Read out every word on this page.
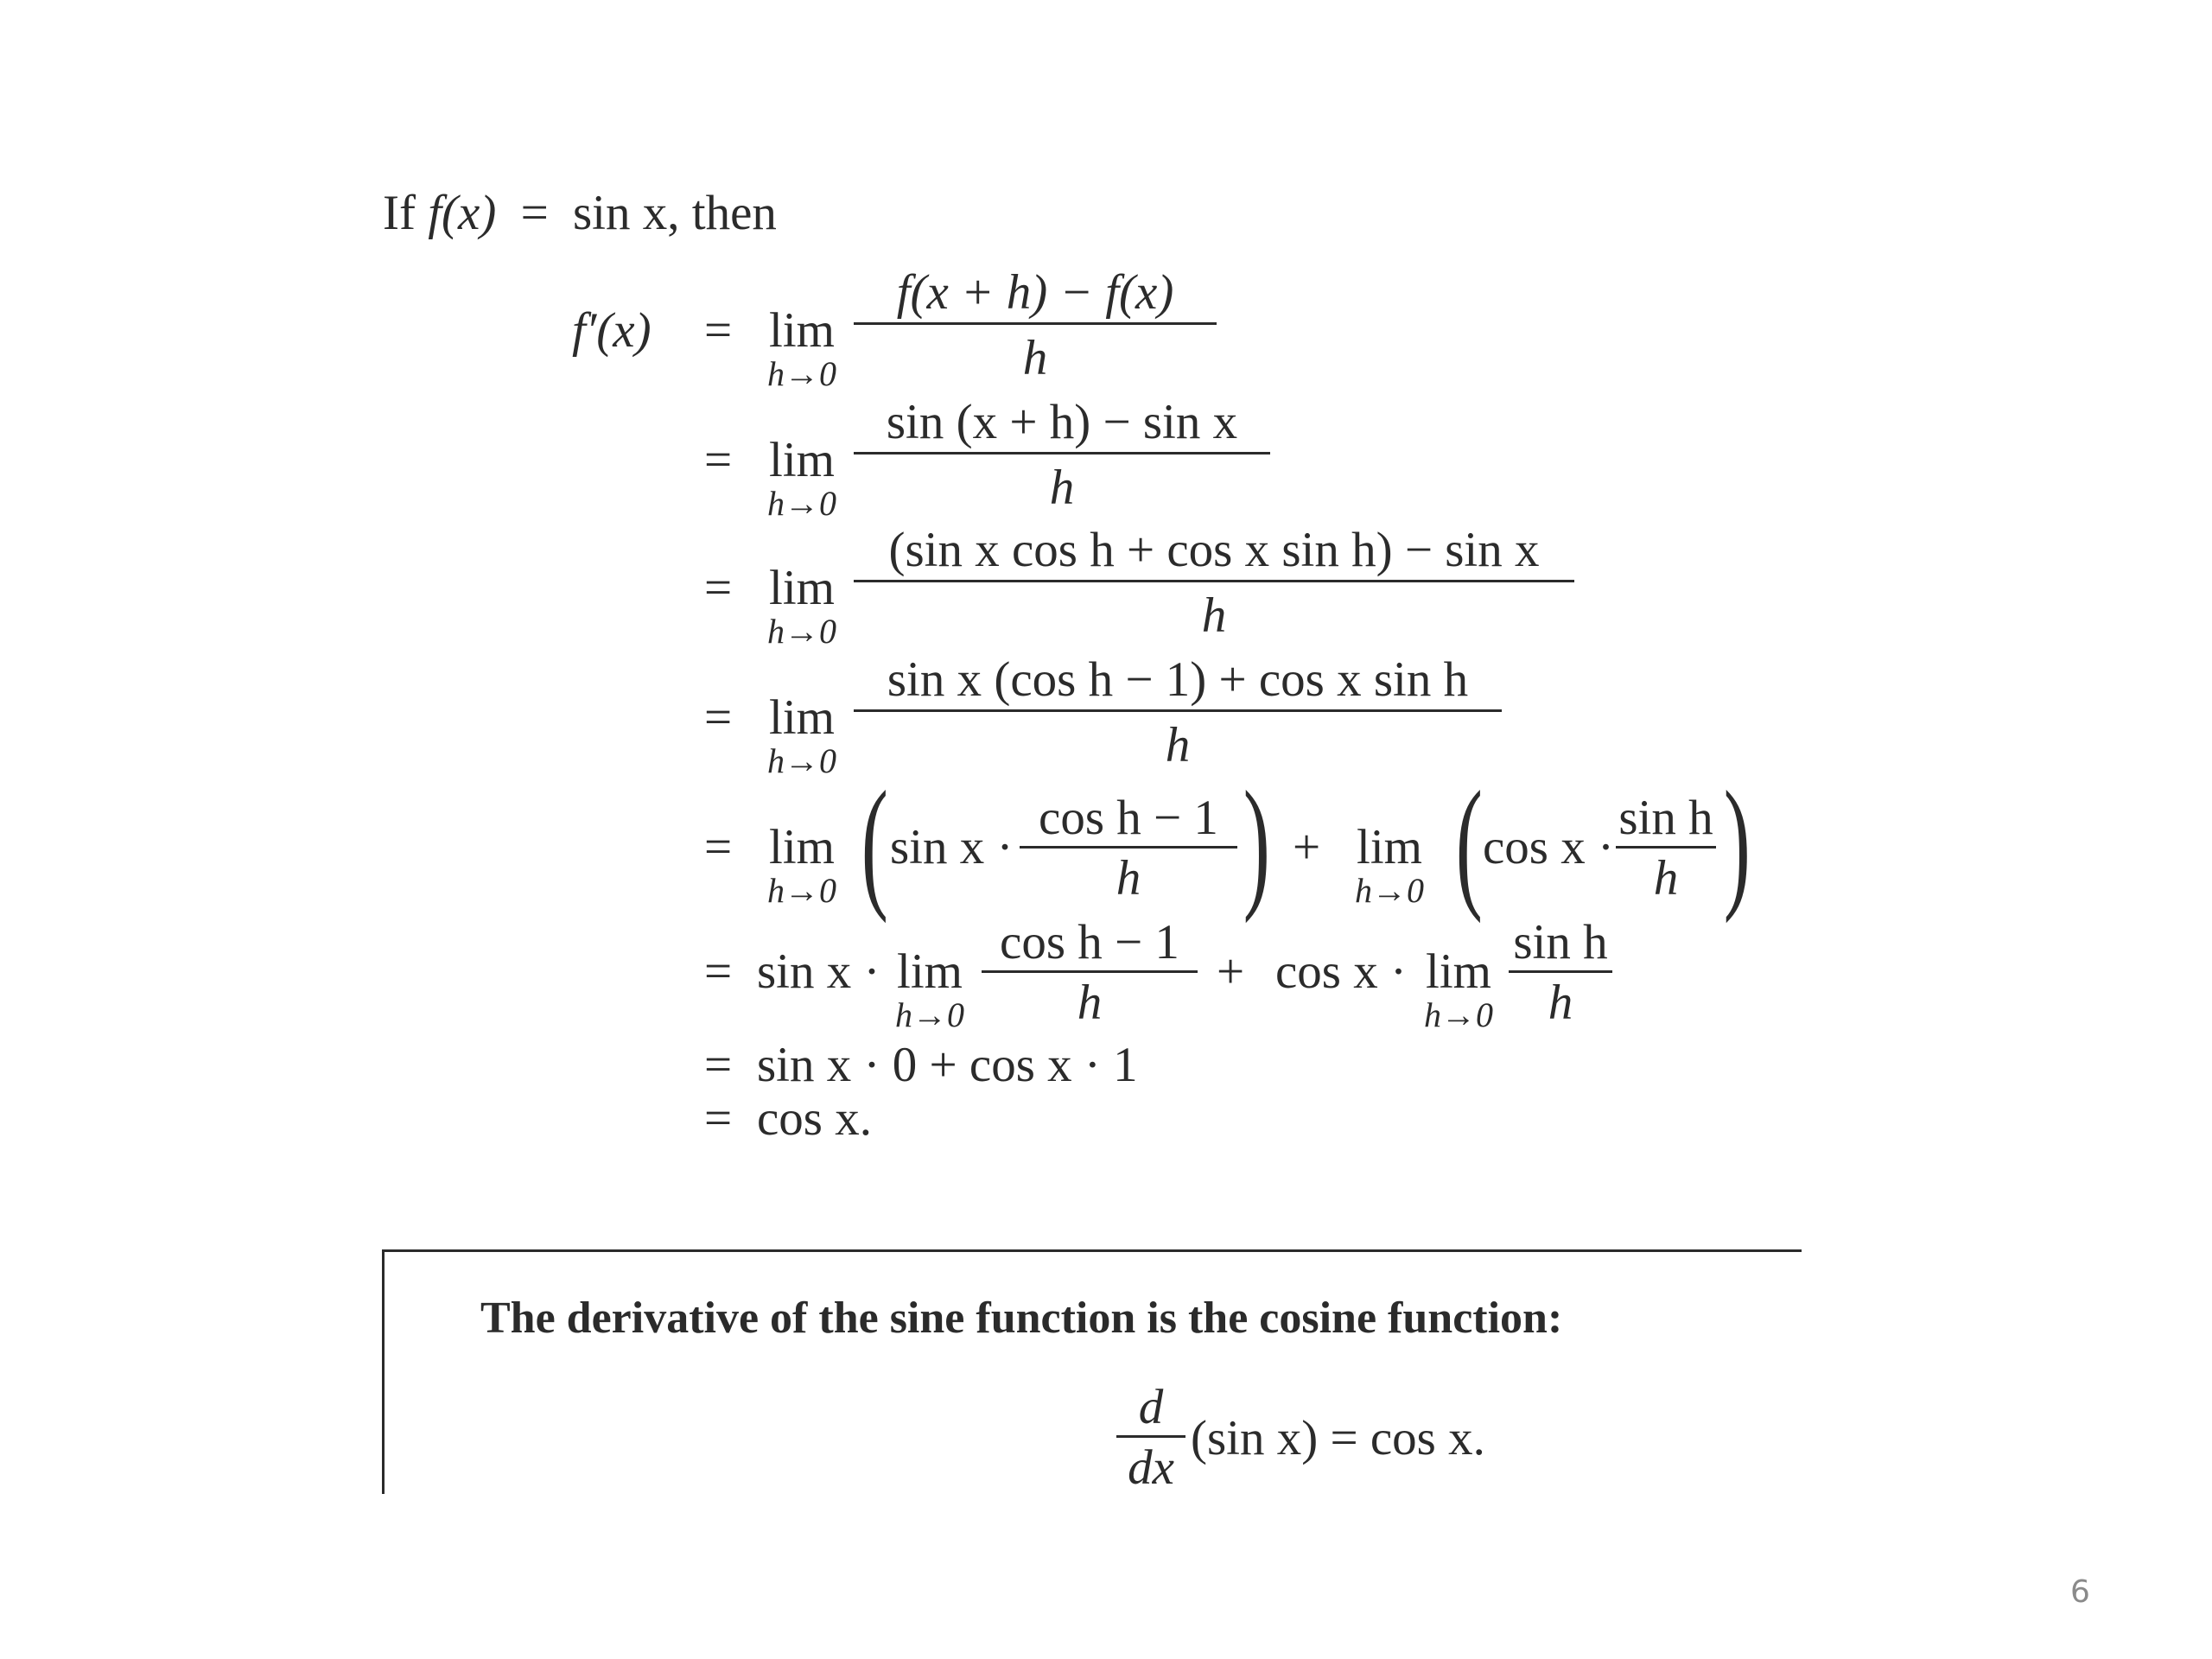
If f(x) = sin x, then
f′(x) = lim
h→0
f(x + h) − f(x)
h
= lim
h→0
sin (x + h) − sin x
h
= lim
h→0
(sin x cos h + cos x sin h) − sin x
h
= lim
h→0
sin x (cos h − 1) + cos x sin h
h
= lim
h→0 ( sin x ·
cos h − 1
h ) + lim
h→0 ( cos x ·
sin h
h )
= sin x · lim
h→0
cos h − 1
h
+ cos x · lim
h→0
sin h
h
= sin x · 0 + cos x · 1
= cos x.
The derivative of the sine function is the cosine function:
d
dx
(sin x) = cos x.
6
